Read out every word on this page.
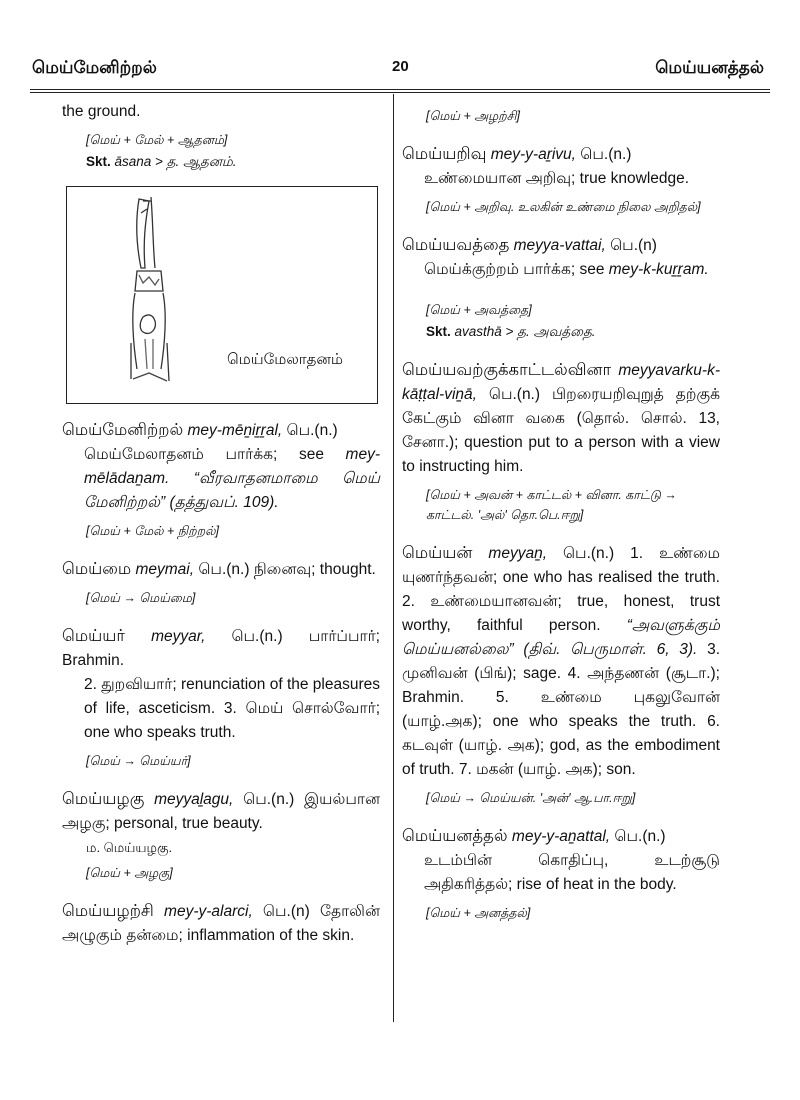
மெய்மேனிற்றல்	20	மெய்யனத்தல்
the ground.
[மெய் + மேல் + ஆதனம்]
Skt. āsana > த. ஆதனம்.
மெய்மேலாதனம்
மெய்மேனிற்றல் mey-mēṉiṟṟal, பெ.(n.)
மெய்மேலாதனம் பார்க்க; see mey- mēlādaṉam. “வீரவாதனமாமை மெய் மேனிற்றல்” (தத்துவப். 109).
[மெய் + மேல் + நிற்றல்]
மெய்மை meymai, பெ.(n.) நினைவு; thought.
[மெய் → மெய்மை]
மெய்யர் meyyar, பெ.(n.) பார்ப்பார்; Brahmin.
2. துறவியார்; renunciation of the pleasures of life, asceticism. 3. மெய் சொல்வோர்; one who speaks truth.
[மெய் → மெய்யர்]
மெய்யழகு meyyaḻagu, பெ.(n.) இயல்பான அழகு; personal, true beauty.
ம. மெய்யழகு.
[மெய் + அழகு]
மெய்யழற்சி mey-y-alarci, பெ.(n) தோலின் அழுகும் தன்மை; inflammation of the skin.
[மெய் + அழற்சி]
மெய்யறிவு mey-y-aṟivu, பெ.(n.)
உண்மையான அறிவு; true knowledge.
[மெய் + அறிவு. உலகின் உண்மை நிலை அறிதல்]
மெய்யவத்தை meyya-vattai, பெ.(n)
மெய்க்குற்றம் பார்க்க; see mey-k-kuṟṟam.
[மெய் + அவத்தை]
Skt. avasthā > த. அவத்தை.
மெய்யவற்குக்காட்டல்வினா meyyavarku-k-kāṭṭal-viṉā, பெ.(n.) பிறரையறிவுறுத் தற்குக் கேட்கும் வினா வகை (தொல். சொல். 13, சேனா.); question put to a person with a view to instructing him.
[மெய் + அவன் + காட்டல் + வினா. காட்டு → காட்டல். 'அல்' தொ.பெ.ஈறு]
மெய்யன் meyyaṉ, பெ.(n.) 1. உண்மை யுணர்ந்தவன்; one who has realised the truth. 2. உண்மையானவன்; true, honest, trust worthy, faithful person. “அவளுக்கும் மெய்யனல்லை” (திவ். பெருமாள். 6, 3). 3. முனிவன் (பிங்); sage. 4. அந்தணன் (சூடா.); Brahmin. 5. உண்மை புகலுவோன் (யாழ்.அக); one who speaks the truth. 6. கடவுள் (யாழ். அக); god, as the embodiment of truth. 7. மகன் (யாழ். அக); son.
[மெய் → மெய்யன். 'அன்' ஆ.பா.ஈறு]
மெய்யனத்தல் mey-y-aṉattal, பெ.(n.)
உடம்பின் கொதிப்பு, உடற்சூடு அதிகரித்தல்; rise of heat in the body.
[மெய் + அனத்தல்]
